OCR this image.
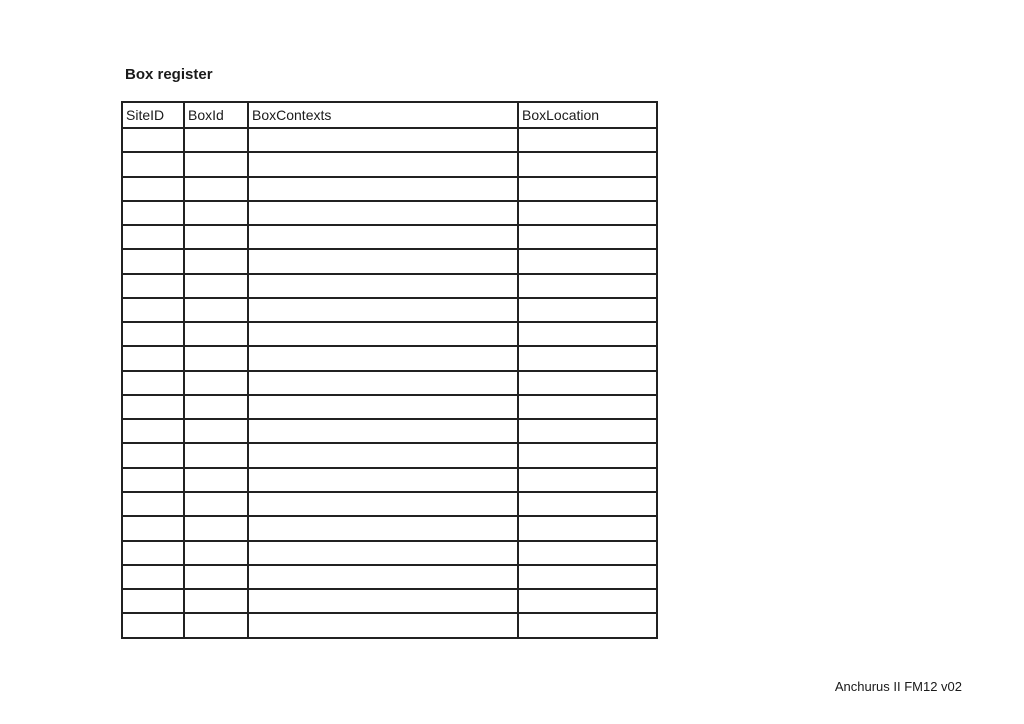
Box register
SiteID	BoxId	BoxContexts	BoxLocation

Anchurus II FM12 v02
